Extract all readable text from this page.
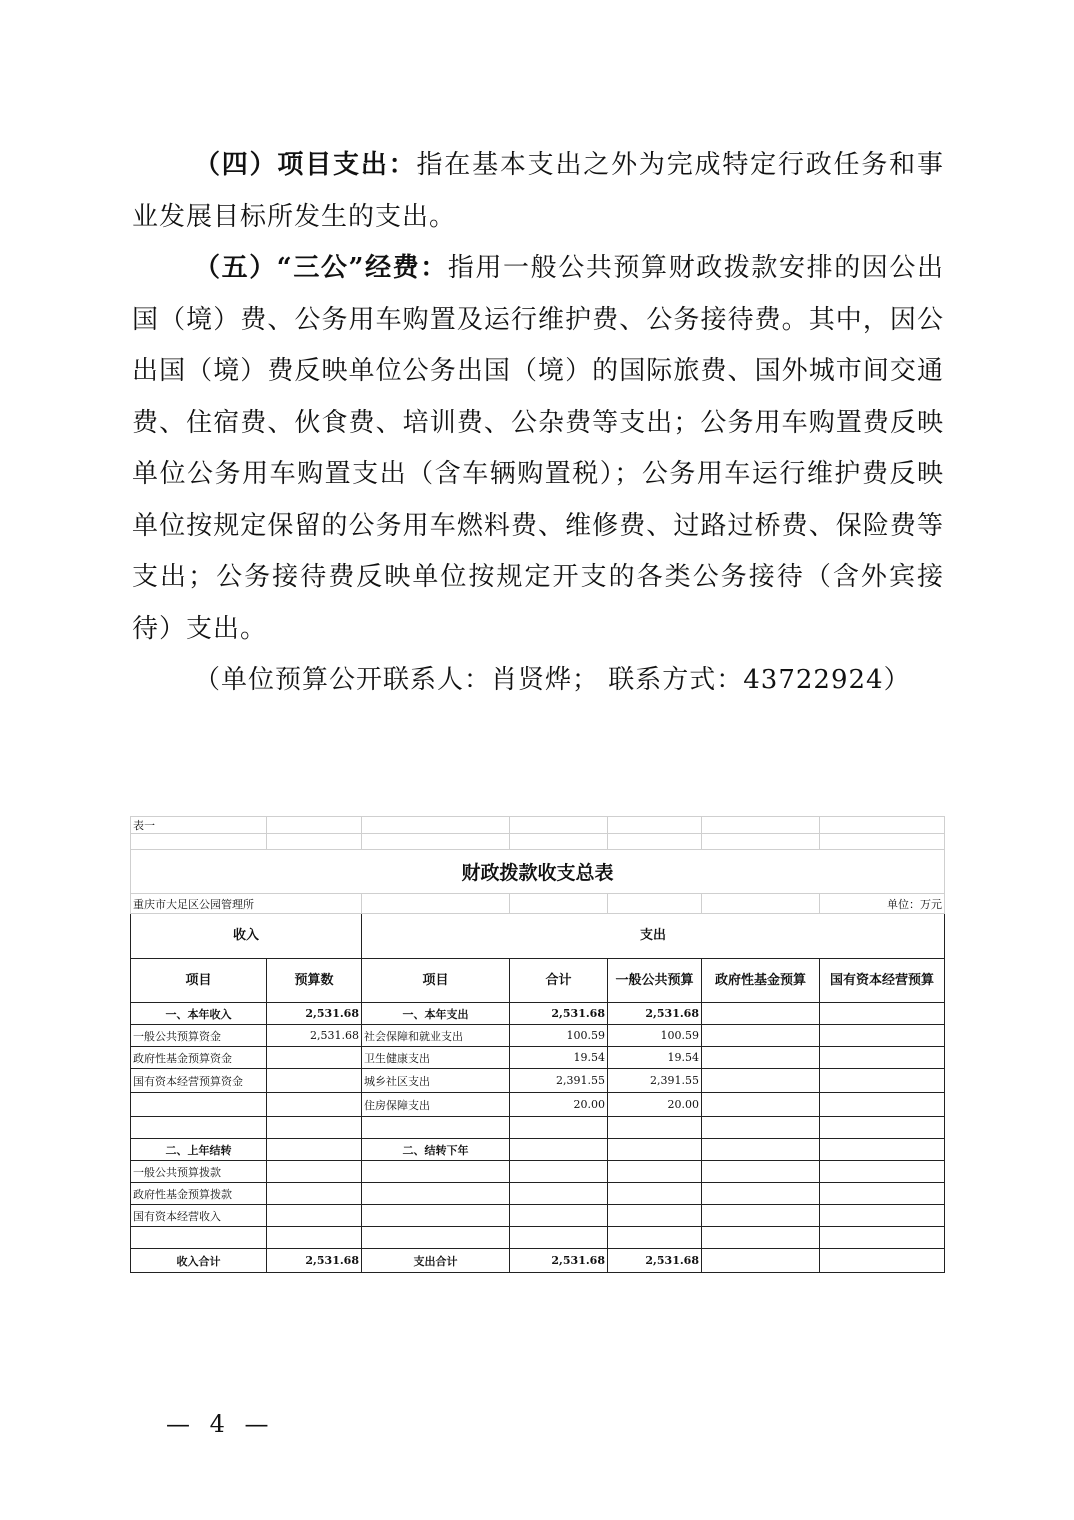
（四）项目支出：指在基本支出之外为完成特定行政任务和事业发展目标所发生的支出。

（五）“三公”经费：指用一般公共预算财政拨款安排的因公出国（境）费、公务用车购置及运行维护费、公务接待费。其中，因公出国（境）费反映单位公务出国（境）的国际旅费、国外城市间交通费、住宿费、伙食费、培训费、公杂费等支出；公务用车购置费反映单位公务用车购置支出（含车辆购置税）；公务用车运行维护费反映单位按规定保留的公务用车燃料费、维修费、过路过桥费、保险费等支出；公务接待费反映单位按规定开支的各类公务接待（含外宾接待）支出。

（单位预算公开联系人：肖贤烨； 联系方式：43722924）

表一						

财政拨款收支总表						
重庆市大足区公园管理所						单位：万元
收入		支出				
项目	预算数	项目	合计	一般公共预算	政府性基金预算	国有资本经营预算
一、本年收入	2,531.68	一、本年支出	2,531.68	2,531.68		
一般公共预算资金	2,531.68	社会保障和就业支出	100.59	100.59		
政府性基金预算资金		卫生健康支出	19.54	19.54		
国有资本经营预算资金		城乡社区支出	2,391.55	2,391.55		
		住房保障支出	20.00	20.00		

二、上年结转		二、结转下年				
一般公共预算拨款						
政府性基金预算拨款						
国有资本经营收入						

收入合计	2,531.68	支出合计	2,531.68	2,531.68		
— 4 —
